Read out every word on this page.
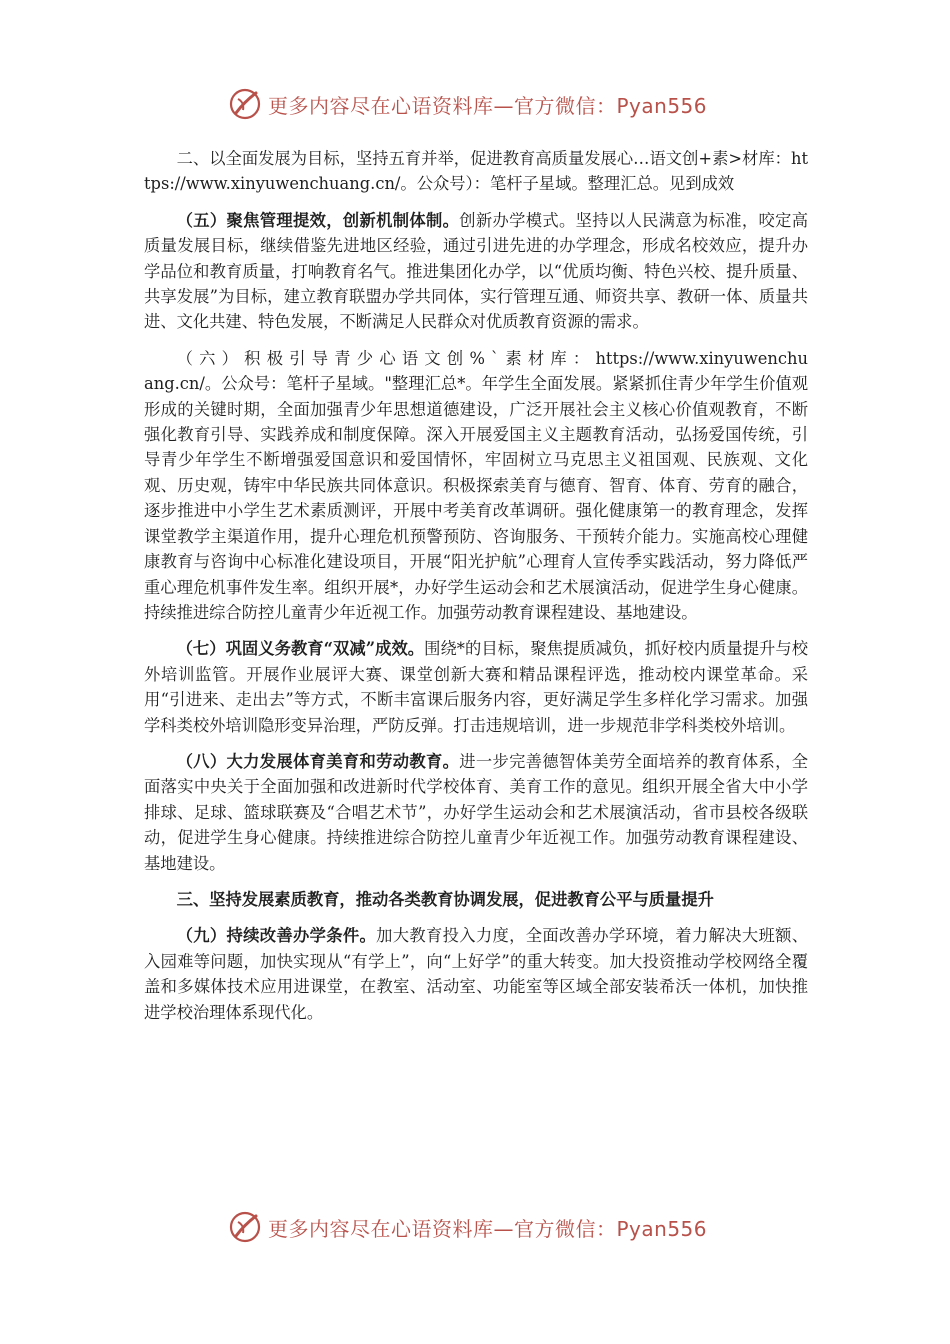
更多内容尽在心语资料库—官方微信：Pyan556

二、以全面发展为目标，坚持五育并举，促进教育高质量发展心…语文创+素>材库：https://www.xinyuwenchuang.cn/。公众号）：笔杆子星域。整理汇总。见到成效

（五）聚焦管理提效，创新机制体制。创新办学模式。坚持以人民满意为标准，咬定高质量发展目标，继续借鉴先进地区经验，通过引进先进的办学理念，形成名校效应，提升办学品位和教育质量，打响教育名气。推进集团化办学，以“优质均衡、特色兴校、提升质量、共享发展”为目标，建立教育联盟办学共同体，实行管理互通、师资共享、教研一体、质量共进、文化共建、特色发展，不断满足人民群众对优质教育资源的需求。

（六）积极引导青少心语文创%`素材库：https://www.xinyuwenchuang.cn/。公众号：笔杆子星域。"整理汇总*。年学生全面发展。紧紧抓住青少年学生价值观形成的关键时期，全面加强青少年思想道德建设，广泛开展社会主义核心价值观教育，不断强化教育引导、实践养成和制度保障。深入开展爱国主义主题教育活动，弘扬爱国传统，引导青少年学生不断增强爱国意识和爱国情怀，牢固树立马克思主义祖国观、民族观、文化观、历史观，铸牢中华民族共同体意识。积极探索美育与德育、智育、体育、劳育的融合，逐步推进中小学生艺术素质测评，开展中考美育改革调研。强化健康第一的教育理念，发挥课堂教学主渠道作用，提升心理危机预警预防、咨询服务、干预转介能力。实施高校心理健康教育与咨询中心标准化建设项目，开展“阳光护航”心理育人宣传季实践活动，努力降低严重心理危机事件发生率。组织开展*，办好学生运动会和艺术展演活动，促进学生身心健康。持续推进综合防控儿童青少年近视工作。加强劳动教育课程建设、基地建设。

（七）巩固义务教育“双减”成效。围绕*的目标，聚焦提质减负，抓好校内质量提升与校外培训监管。开展作业展评大赛、课堂创新大赛和精品课程评选，推动校内课堂革命。采用“引进来、走出去”等方式，不断丰富课后服务内容，更好满足学生多样化学习需求。加强学科类校外培训隐形变异治理，严防反弹。打击违规培训，进一步规范非学科类校外培训。

（八）大力发展体育美育和劳动教育。进一步完善德智体美劳全面培养的教育体系，全面落实中央关于全面加强和改进新时代学校体育、美育工作的意见。组织开展全省大中小学排球、足球、篮球联赛及“合唱艺术节”，办好学生运动会和艺术展演活动，省市县校各级联动，促进学生身心健康。持续推进综合防控儿童青少年近视工作。加强劳动教育课程建设、基地建设。

三、坚持发展素质教育，推动各类教育协调发展，促进教育公平与质量提升

（九）持续改善办学条件。加大教育投入力度，全面改善办学环境，着力解决大班额、入园难等问题，加快实现从“有学上”，向“上好学”的重大转变。加大投资推动学校网络全覆盖和多媒体技术应用进课堂，在教室、活动室、功能室等区域全部安装希沃一体机，加快推进学校治理体系现代化。

更多内容尽在心语资料库—官方微信：Pyan556
